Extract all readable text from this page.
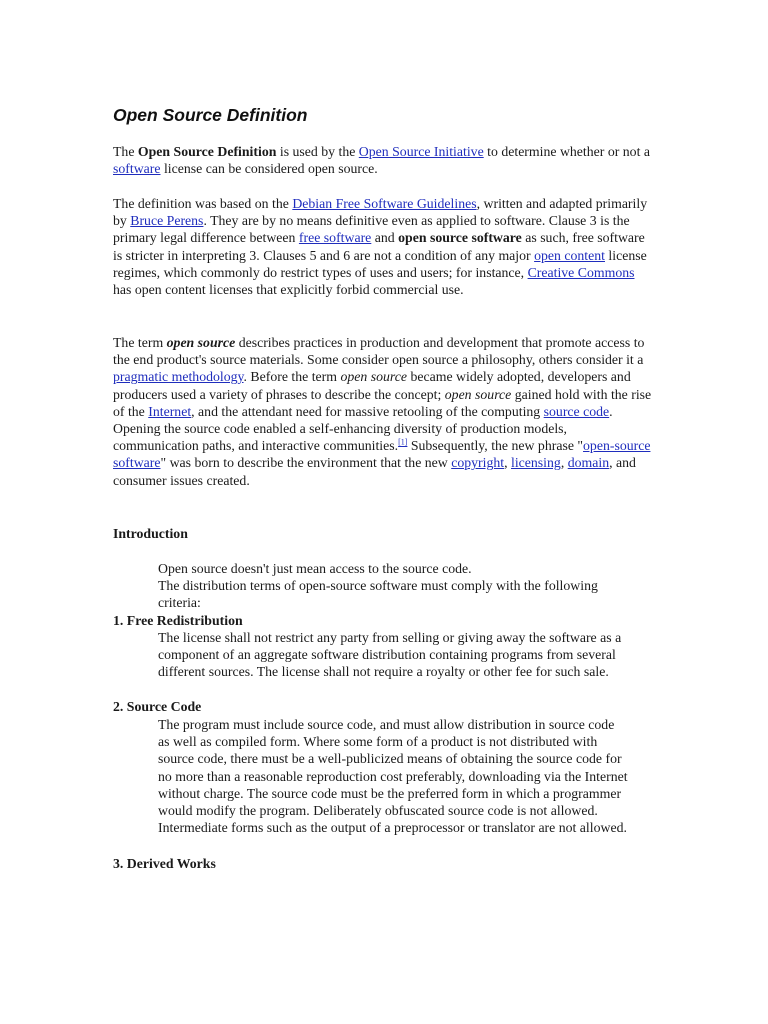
Open Source Definition

The Open Source Definition is used by the Open Source Initiative to determine whether or not a software license can be considered open source.

The definition was based on the Debian Free Software Guidelines, written and adapted primarily by Bruce Perens. They are by no means definitive even as applied to software. Clause 3 is the primary legal difference between free software and open source software as such, free software is stricter in interpreting 3. Clauses 5 and 6 are not a condition of any major open content license regimes, which commonly do restrict types of uses and users; for instance, Creative Commons has open content licenses that explicitly forbid commercial use.

The term open source describes practices in production and development that promote access to the end product's source materials. Some consider open source a philosophy, others consider it a pragmatic methodology. Before the term open source became widely adopted, developers and producers used a variety of phrases to describe the concept; open source gained hold with the rise of the Internet, and the attendant need for massive retooling of the computing source code. Opening the source code enabled a self-enhancing diversity of production models, communication paths, and interactive communities.[1] Subsequently, the new phrase "open-source software" was born to describe the environment that the new copyright, licensing, domain, and consumer issues created.

Introduction

Open source doesn't just mean access to the source code.

The distribution terms of open-source software must comply with the following criteria:

1. Free Redistribution

The license shall not restrict any party from selling or giving away the software as a component of an aggregate software distribution containing programs from several different sources. The license shall not require a royalty or other fee for such sale.

2. Source Code

The program must include source code, and must allow distribution in source code as well as compiled form. Where some form of a product is not distributed with source code, there must be a well-publicized means of obtaining the source code for no more than a reasonable reproduction cost preferably, downloading via the Internet without charge. The source code must be the preferred form in which a programmer would modify the program. Deliberately obfuscated source code is not allowed. Intermediate forms such as the output of a preprocessor or translator are not allowed.

3. Derived Works
